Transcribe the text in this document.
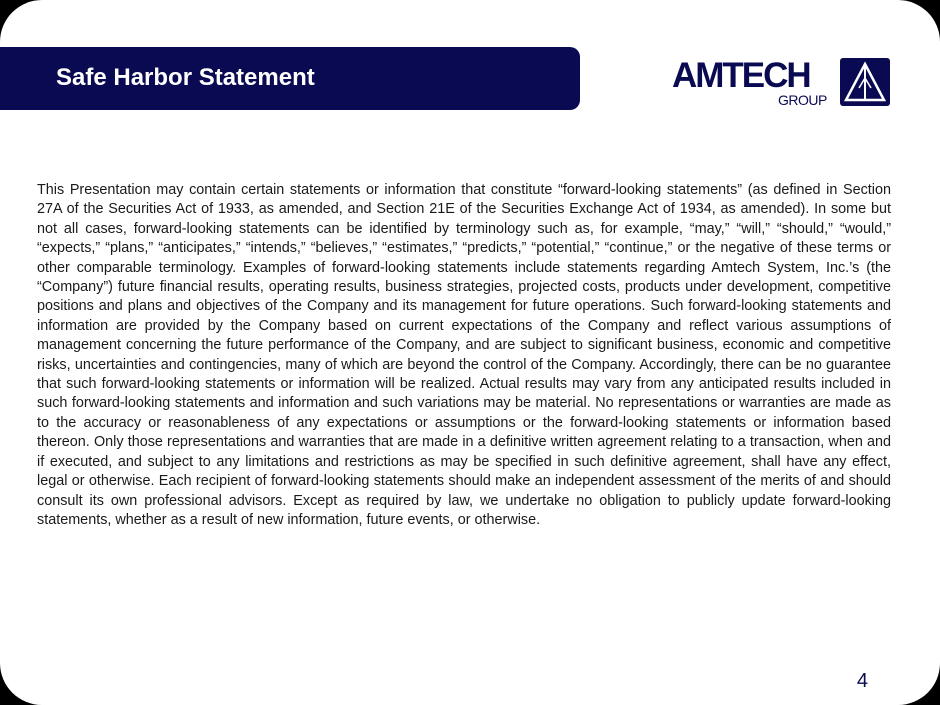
Safe Harbor Statement	AMTECH
GROUP

This Presentation may contain certain statements or information that constitute “forward-looking statements” (as defined in Section 27A of the Securities Act of 1933, as amended, and Section 21E of the Securities Exchange Act of 1934, as amended). In some but not all cases, forward-looking statements can be identified by terminology such as, for example, “may,” “will,” “should,” “would,” “expects,” “plans,” “anticipates,” “intends,” “believes,” “estimates,” “predicts,” “potential,” “continue,” or the negative of these terms or other comparable terminology. Examples of forward-looking statements include statements regarding Amtech System, Inc.’s (the “Company”) future financial results, operating results, business strategies, projected costs, products under development, competitive positions and plans and objectives of the Company and its management for future operations. Such forward-looking statements and information are provided by the Company based on current expectations of the Company and reflect various assumptions of management concerning the future performance of the Company, and are subject to significant business, economic and competitive risks, uncertainties and contingencies, many of which are beyond the control of the Company. Accordingly, there can be no guarantee that such forward-looking statements or information will be realized. Actual results may vary from any anticipated results included in such forward-looking statements and information and such variations may be material. No representations or warranties are made as to the accuracy or reasonableness of any expectations or assumptions or the forward-looking statements or information based thereon. Only those representations and warranties that are made in a definitive written agreement relating to a transaction, when and if executed, and subject to any limitations and restrictions as may be specified in such definitive agreement, shall have any effect, legal or otherwise. Each recipient of forward-looking statements should make an independent assessment of the merits of and should consult its own professional advisors. Except as required by law, we undertake no obligation to publicly update forward-looking statements, whether as a result of new information, future events, or otherwise.

4
